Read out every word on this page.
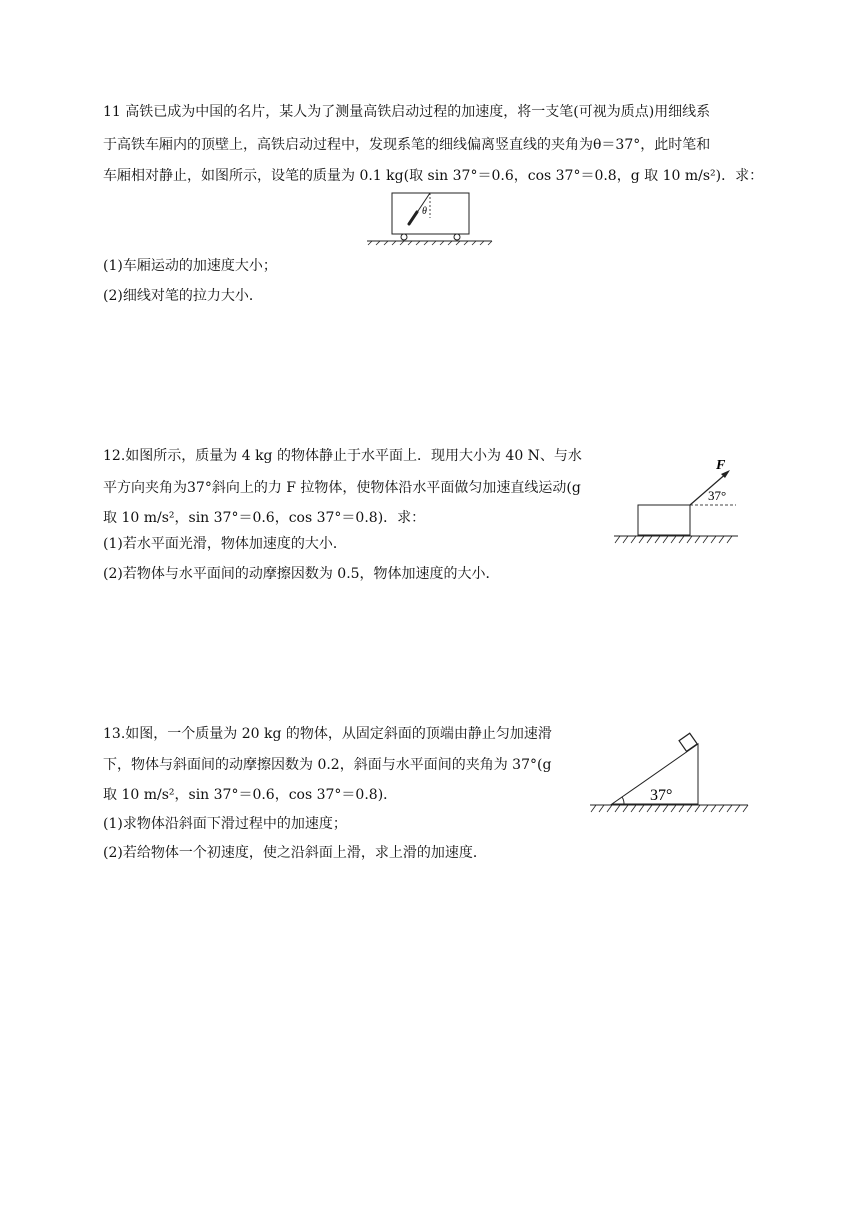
11 高铁已成为中国的名片，某人为了测量高铁启动过程的加速度，将一支笔(可视为质点)用细线系
于高铁车厢内的顶壁上，高铁启动过程中，发现系笔的细线偏离竖直线的夹角为θ＝37°，此时笔和
车厢相对静止，如图所示，设笔的质量为 0.1 kg(取 sin 37°＝0.6，cos 37°＝0.8，g 取 10 m/s²)．求：
θ
(1)车厢运动的加速度大小；
(2)细线对笔的拉力大小．
12.如图所示，质量为 4 kg 的物体静止于水平面上．现用大小为 40 N、与水
平方向夹角为37°斜向上的力 F 拉物体，使物体沿水平面做匀加速直线运动(g
取 10 m/s²，sin 37°＝0.6，cos 37°＝0.8)．求：
F
37°
(1)若水平面光滑，物体加速度的大小．
(2)若物体与水平面间的动摩擦因数为 0.5，物体加速度的大小．
13.如图，一个质量为 20 kg 的物体，从固定斜面的顶端由静止匀加速滑
下，物体与斜面间的动摩擦因数为 0.2，斜面与水平面间的夹角为 37°(g
取 10 m/s²，sin 37°＝0.6，cos 37°＝0.8)．	37°
(1)求物体沿斜面下滑过程中的加速度；
(2)若给物体一个初速度，使之沿斜面上滑，求上滑的加速度．
